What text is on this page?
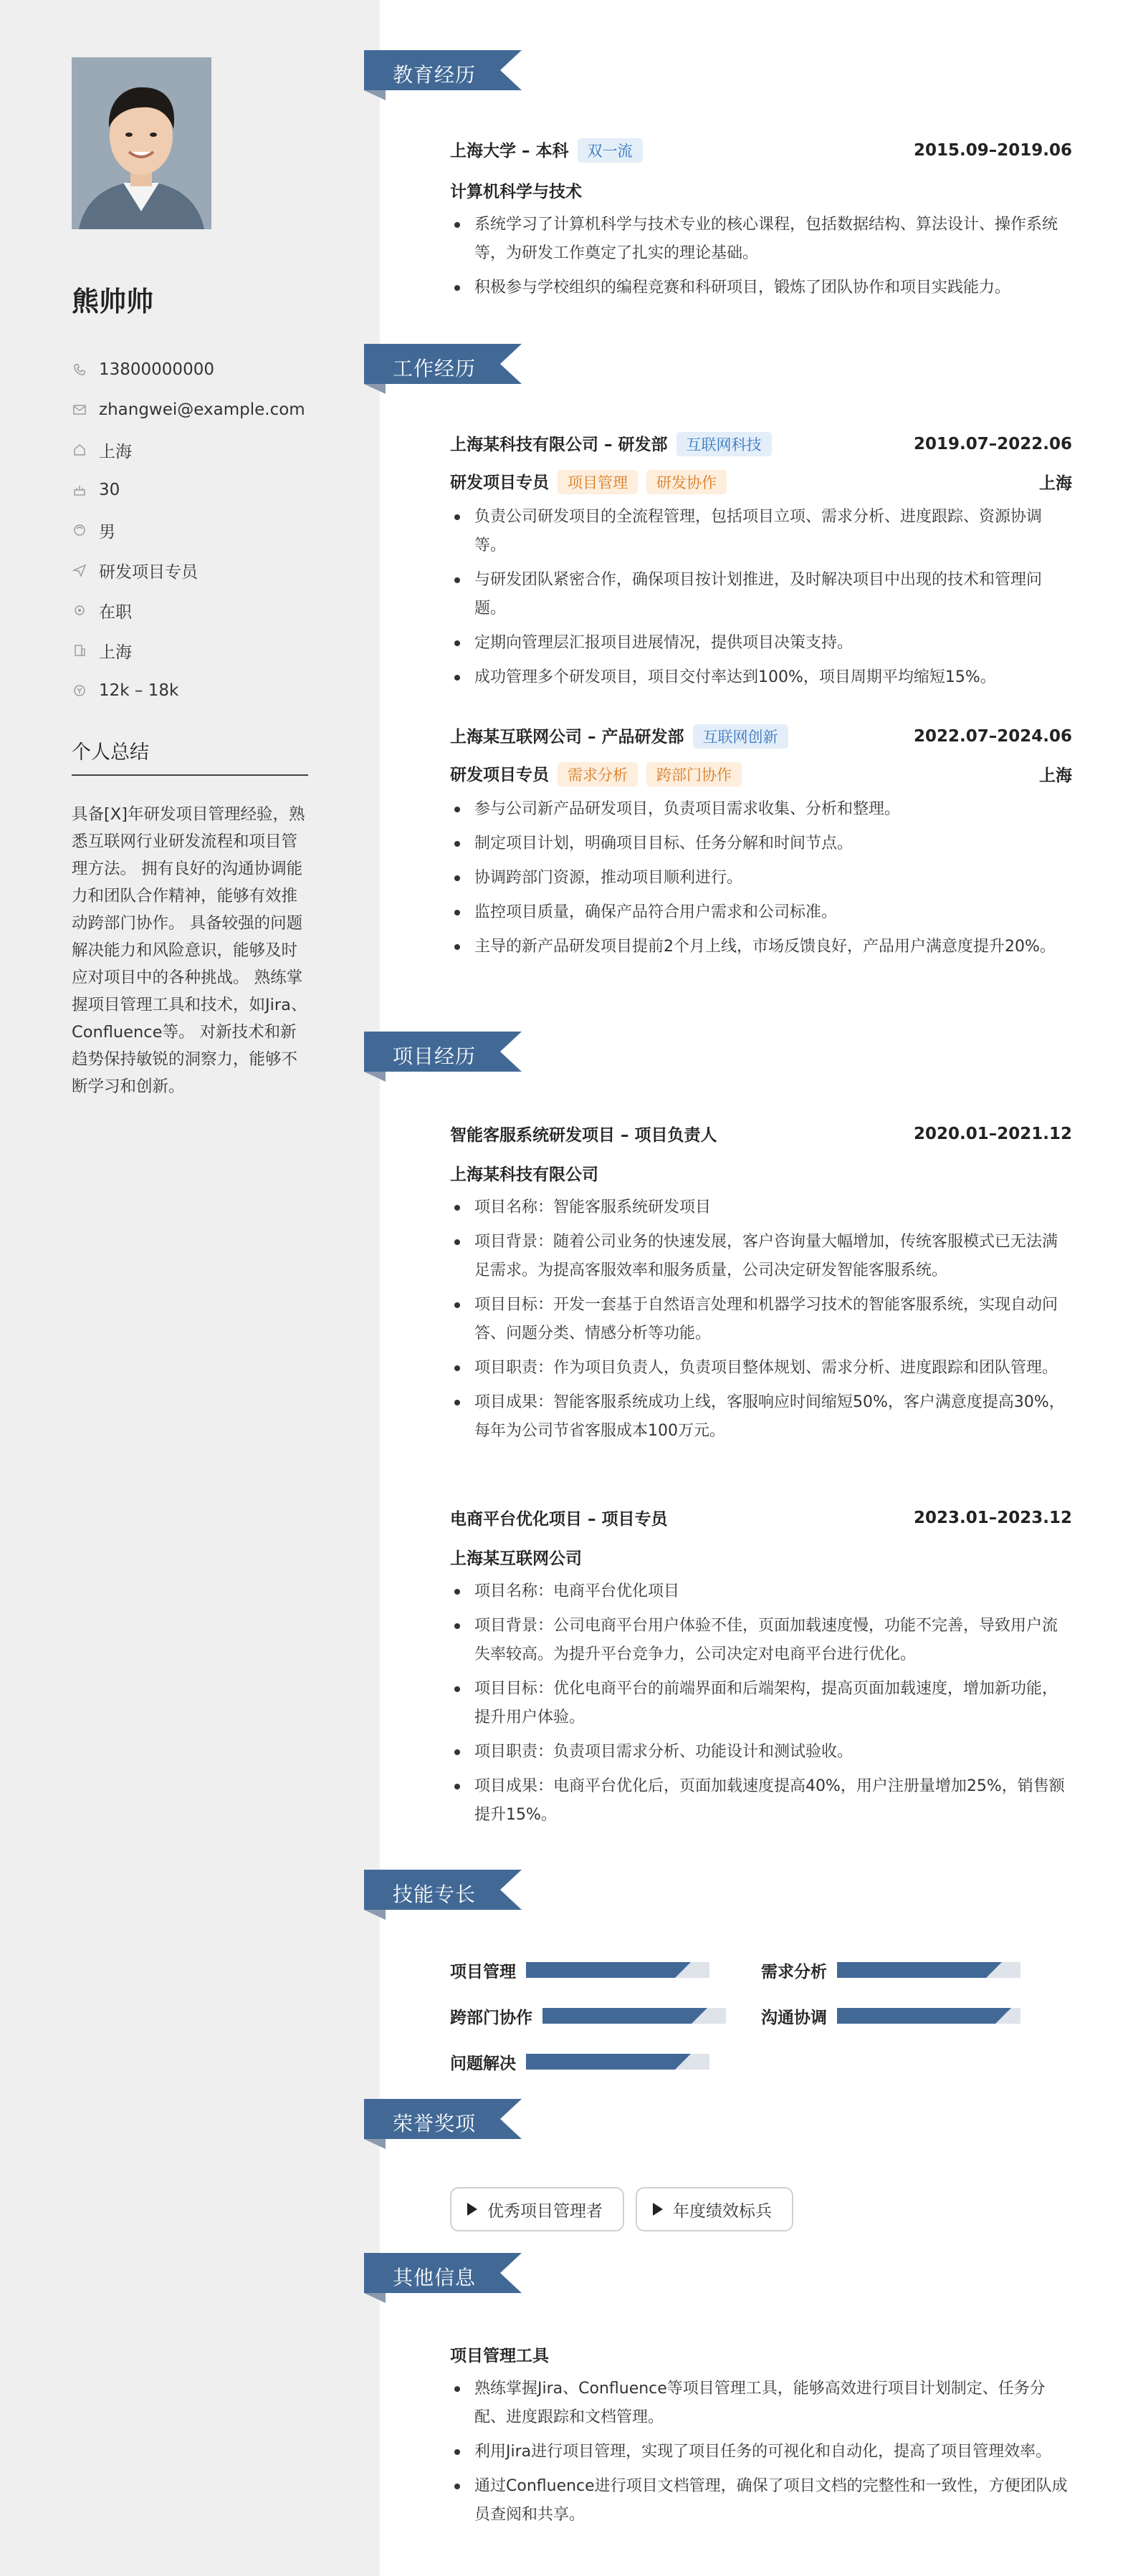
熊帅帅
13800000000
zhangwei@example.com
上海
30
男
研发项目专员
在职
上海
12k – 18k
个人总结
具备[X]年研发项目管理经验，熟悉互联网行业研发流程和项目管理方法。 拥有良好的沟通协调能力和团队合作精神，能够有效推动跨部门协作。 具备较强的问题解决能力和风险意识，能够及时应对项目中的各种挑战。 熟练掌握项目管理工具和技术，如Jira、Confluence等。 对新技术和新趋势保持敏锐的洞察力，能够不断学习和创新。
教育经历
上海大学 – 本科 双一流	2015.09–2019.06
计算机科学与技术
系统学习了计算机科学与技术专业的核心课程，包括数据结构、算法设计、操作系统等，为研发工作奠定了扎实的理论基础。
积极参与学校组织的编程竞赛和科研项目，锻炼了团队协作和项目实践能力。
工作经历
上海某科技有限公司 – 研发部 互联网科技	2019.07–2022.06
研发项目专员 项目管理 研发协作	上海
负责公司研发项目的全流程管理，包括项目立项、需求分析、进度跟踪、资源协调等。
与研发团队紧密合作，确保项目按计划推进，及时解决项目中出现的技术和管理问题。
定期向管理层汇报项目进展情况，提供项目决策支持。
成功管理多个研发项目，项目交付率达到100%，项目周期平均缩短15%。
上海某互联网公司 – 产品研发部 互联网创新	2022.07–2024.06
研发项目专员 需求分析 跨部门协作	上海
参与公司新产品研发项目，负责项目需求收集、分析和整理。
制定项目计划，明确项目目标、任务分解和时间节点。
协调跨部门资源，推动项目顺利进行。
监控项目质量，确保产品符合用户需求和公司标准。
主导的新产品研发项目提前2个月上线，市场反馈良好，产品用户满意度提升20%。
项目经历
智能客服系统研发项目 – 项目负责人	2020.01–2021.12
上海某科技有限公司
项目名称：智能客服系统研发项目
项目背景：随着公司业务的快速发展，客户咨询量大幅增加，传统客服模式已无法满足需求。为提高客服效率和服务质量，公司决定研发智能客服系统。
项目目标：开发一套基于自然语言处理和机器学习技术的智能客服系统，实现自动问答、问题分类、情感分析等功能。
项目职责：作为项目负责人，负责项目整体规划、需求分析、进度跟踪和团队管理。
项目成果：智能客服系统成功上线，客服响应时间缩短50%，客户满意度提高30%，每年为公司节省客服成本100万元。
电商平台优化项目 – 项目专员	2023.01–2023.12
上海某互联网公司
项目名称：电商平台优化项目
项目背景：公司电商平台用户体验不佳，页面加载速度慢，功能不完善，导致用户流失率较高。为提升平台竞争力，公司决定对电商平台进行优化。
项目目标：优化电商平台的前端界面和后端架构，提高页面加载速度，增加新功能，提升用户体验。
项目职责：负责项目需求分析、功能设计和测试验收。
项目成果：电商平台优化后，页面加载速度提高40%，用户注册量增加25%，销售额提升15%。
技能专长
项目管理	需求分析
跨部门协作	沟通协调
问题解决
荣誉奖项
优秀项目管理者	年度绩效标兵
其他信息
项目管理工具
熟练掌握Jira、Confluence等项目管理工具，能够高效进行项目计划制定、任务分配、进度跟踪和文档管理。
利用Jira进行项目管理，实现了项目任务的可视化和自动化，提高了项目管理效率。
通过Confluence进行项目文档管理，确保了项目文档的完整性和一致性，方便团队成员查阅和共享。
